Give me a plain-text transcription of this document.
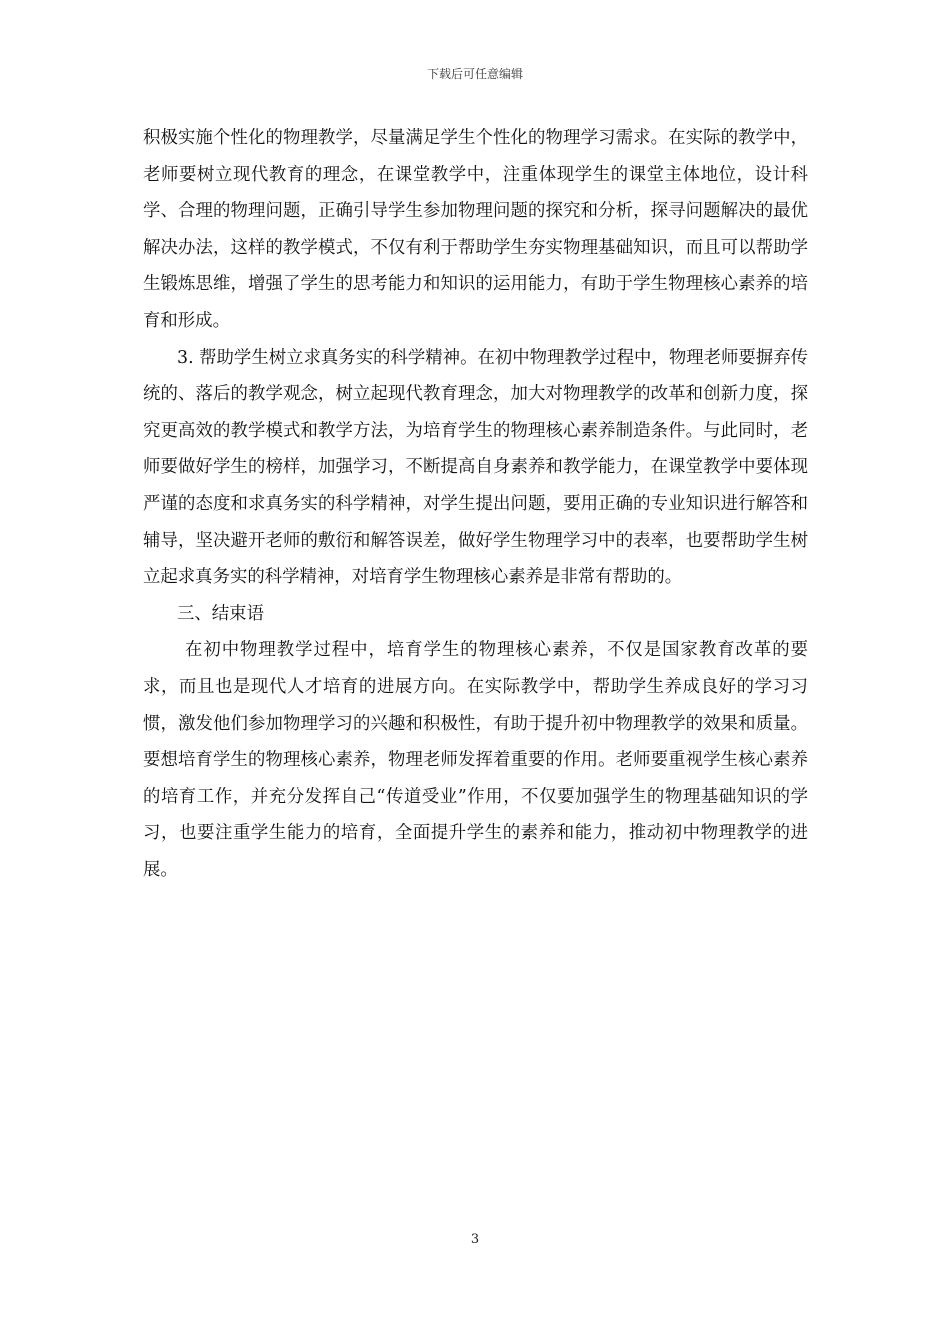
下载后可任意编辑

积极实施个性化的物理教学，尽量满足学生个性化的物理学习需求。在实际的教学中，老师要树立现代教育的理念，在课堂教学中，注重体现学生的课堂主体地位，设计科学、合理的物理问题，正确引导学生参加物理问题的探究和分析，探寻问题解决的最优解决办法，这样的教学模式，不仅有利于帮助学生夯实物理基础知识，而且可以帮助学生锻炼思维，增强了学生的思考能力和知识的运用能力，有助于学生物理核心素养的培育和形成。

3. 帮助学生树立求真务实的科学精神。在初中物理教学过程中，物理老师要摒弃传统的、落后的教学观念，树立起现代教育理念，加大对物理教学的改革和创新力度，探究更高效的教学模式和教学方法，为培育学生的物理核心素养制造条件。与此同时，老师要做好学生的榜样，加强学习，不断提高自身素养和教学能力，在课堂教学中要体现严谨的态度和求真务实的科学精神，对学生提出问题，要用正确的专业知识进行解答和辅导，坚决避开老师的敷衍和解答误差，做好学生物理学习中的表率，也要帮助学生树立起求真务实的科学精神，对培育学生物理核心素养是非常有帮助的。

三、结束语

在初中物理教学过程中，培育学生的物理核心素养，不仅是国家教育改革的要求，而且也是现代人才培育的进展方向。在实际教学中，帮助学生养成良好的学习习惯，激发他们参加物理学习的兴趣和积极性，有助于提升初中物理教学的效果和质量。要想培育学生的物理核心素养，物理老师发挥着重要的作用。老师要重视学生核心素养的培育工作，并充分发挥自己“传道受业”作用，不仅要加强学生的物理基础知识的学习，也要注重学生能力的培育，全面提升学生的素养和能力，推动初中物理教学的进展。

3
